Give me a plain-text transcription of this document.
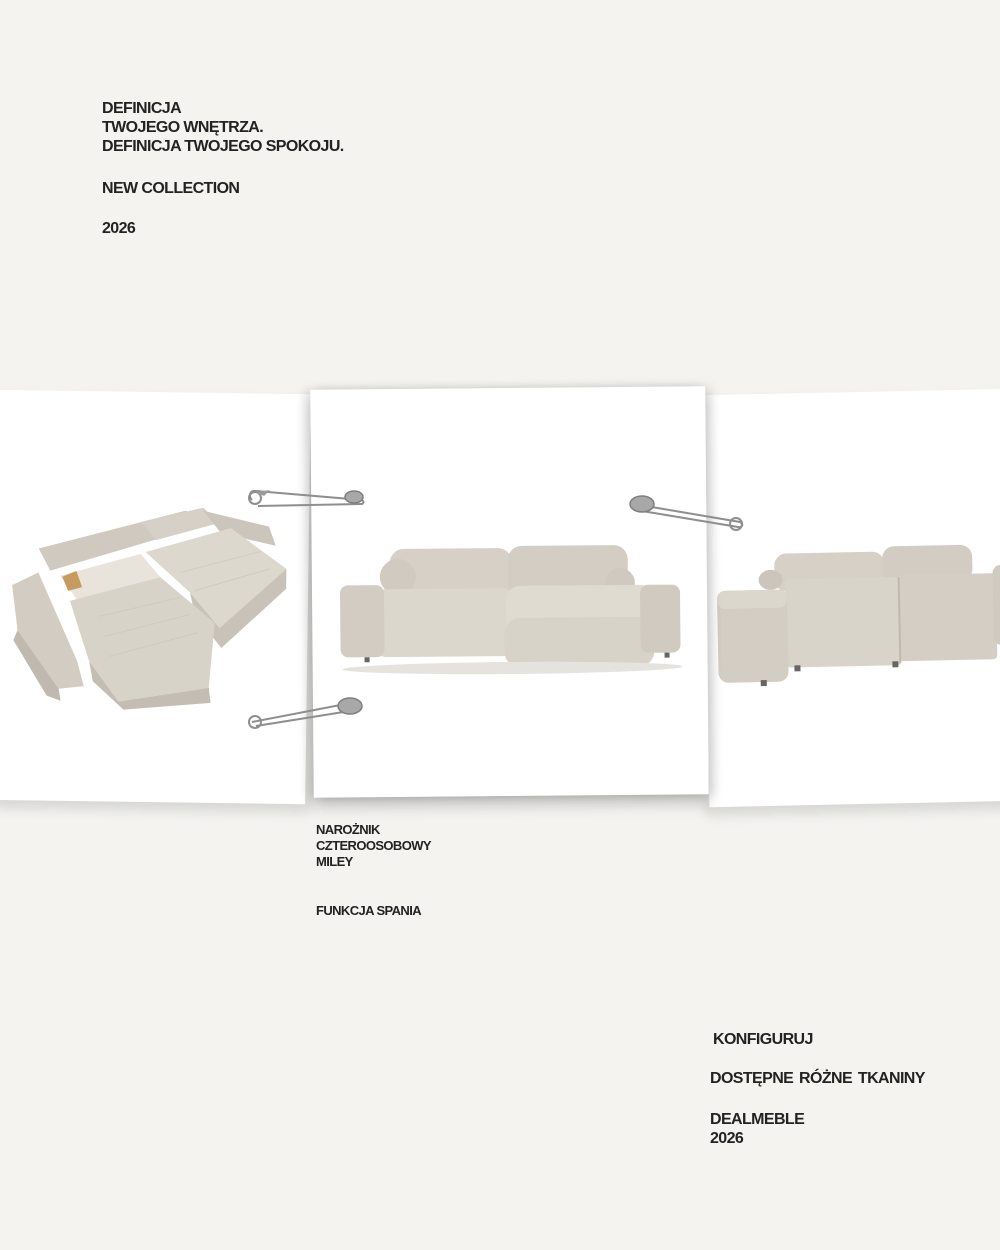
DEFINICJA
TWOJEGO WNĘTRZA.
DEFINICJA TWOJEGO SPOKOJU.
NEW COLLECTION
2026
NAROŻNIK
CZTEROOSOBOWY
MILEY
FUNKCJA SPANIA
KONFIGURUJ
DOSTĘPNE RÓŻNE TKANINY
DEALMEBLE
2026
